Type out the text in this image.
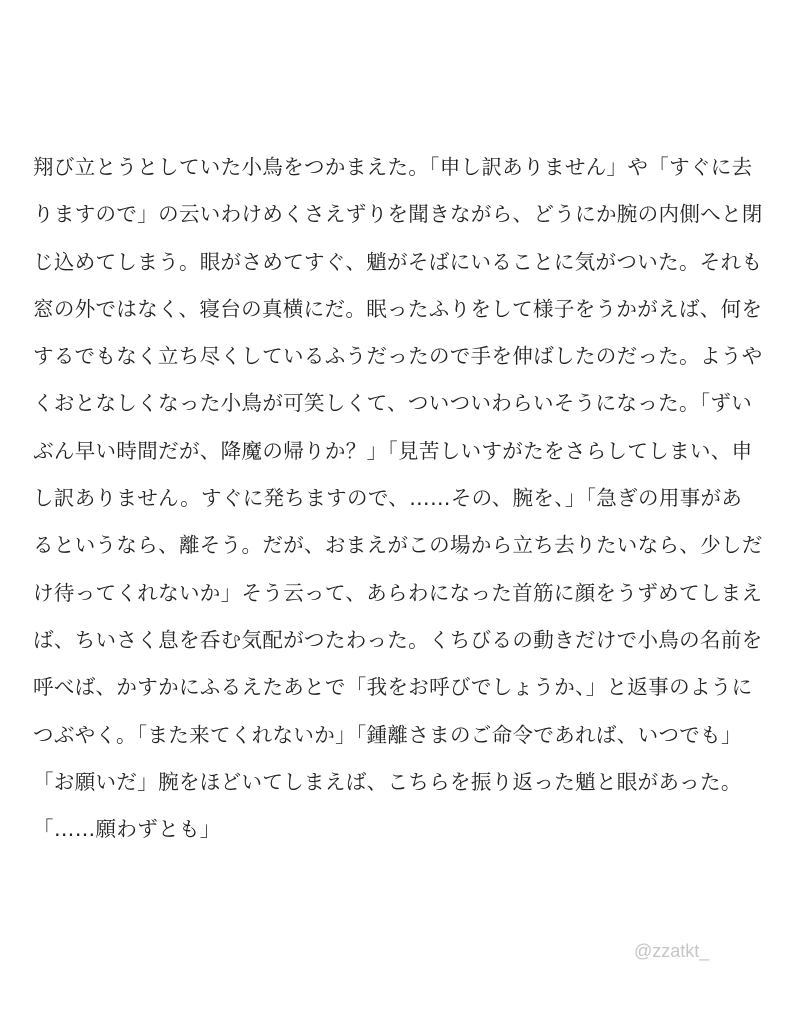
翔び立とうとしていた小鳥をつかまえた。「申し訳ありません」や「すぐに去
りますので」の云いわけめくさえずりを聞きながら、どうにか腕の内側へと閉
じ込めてしまう。眼がさめてすぐ、魈がそばにいることに気がついた。それも
窓の外ではなく、寝台の真横にだ。眠ったふりをして様子をうかがえば、何を
するでもなく立ち尽くしているふうだったので手を伸ばしたのだった。ようや
くおとなしくなった小鳥が可笑しくて、ついついわらいそうになった。「ずい
ぶん早い時間だが、降魔の帰りか？」「見苦しいすがたをさらしてしまい、申
し訳ありません。すぐに発ちますので、……その、腕を、」「急ぎの用事があ
るというなら、離そう。だが、おまえがこの場から立ち去りたいなら、少しだ
け待ってくれないか」そう云って、あらわになった首筋に顔をうずめてしまえ
ば、ちいさく息を呑む気配がつたわった。くちびるの動きだけで小鳥の名前を
呼べば、かすかにふるえたあとで「我をお呼びでしょうか、」と返事のように
つぶやく。「また来てくれないか」「鍾離さまのご命令であれば、いつでも」
「お願いだ」腕をほどいてしまえば、こちらを振り返った魈と眼があった。
「……願わずとも」
@zzatkt_
